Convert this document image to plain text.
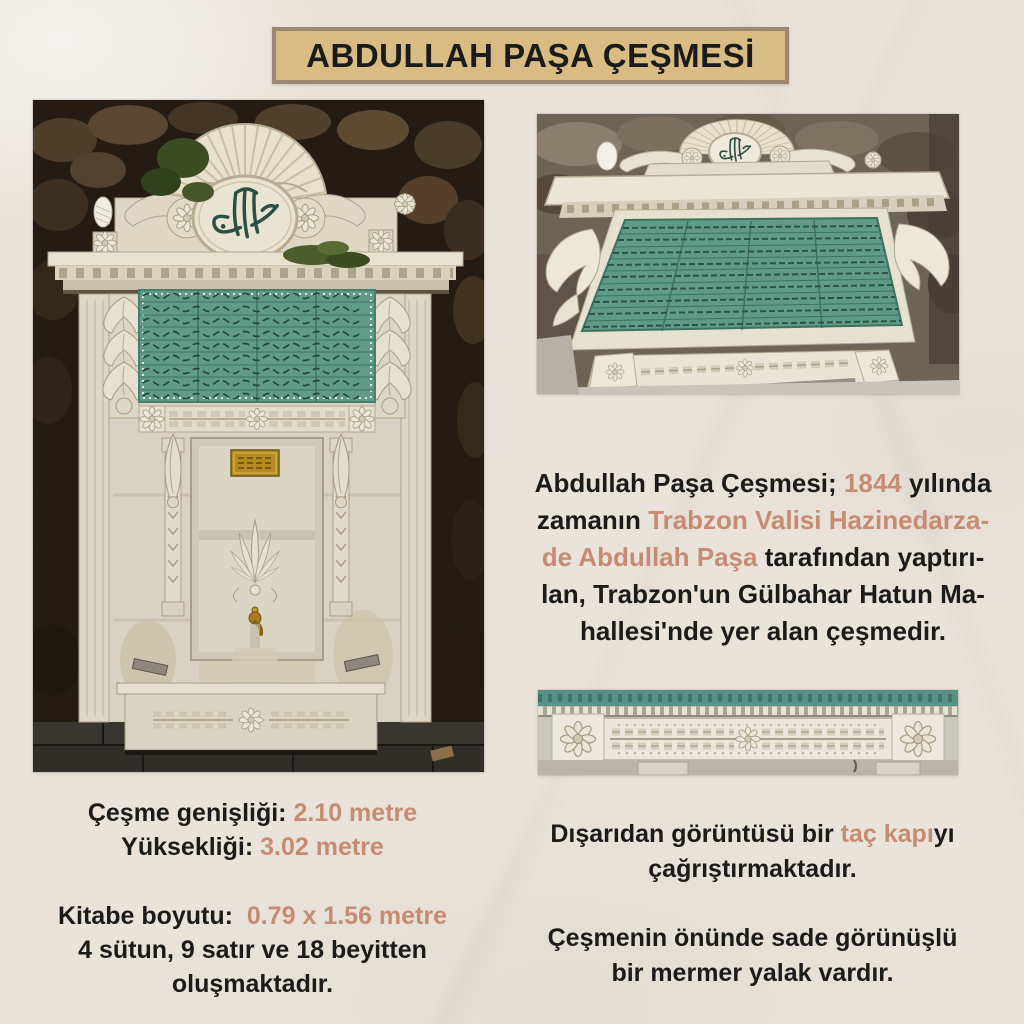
ABDULLAH PAŞA ÇEŞMESİ
Abdullah Paşa Çeşmesi; 1844 yılında
zamanın Trabzon Valisi Hazinedarza-
de Abdullah Paşa tarafından yaptırı-
lan, Trabzon'un Gülbahar Hatun Ma-
hallesi'nde yer alan çeşmedir.
Çeşme genişliği: 2.10 metre
Yüksekliği: 3.02 metre
Kitabe boyutu:  0.79 x 1.56 metre
4 sütun, 9 satır ve 18 beyitten
oluşmaktadır.
Dışarıdan görüntüsü bir taç kapıyı
çağrıştırmaktadır.
Çeşmenin önünde sade görünüşlü
bir mermer yalak vardır.
